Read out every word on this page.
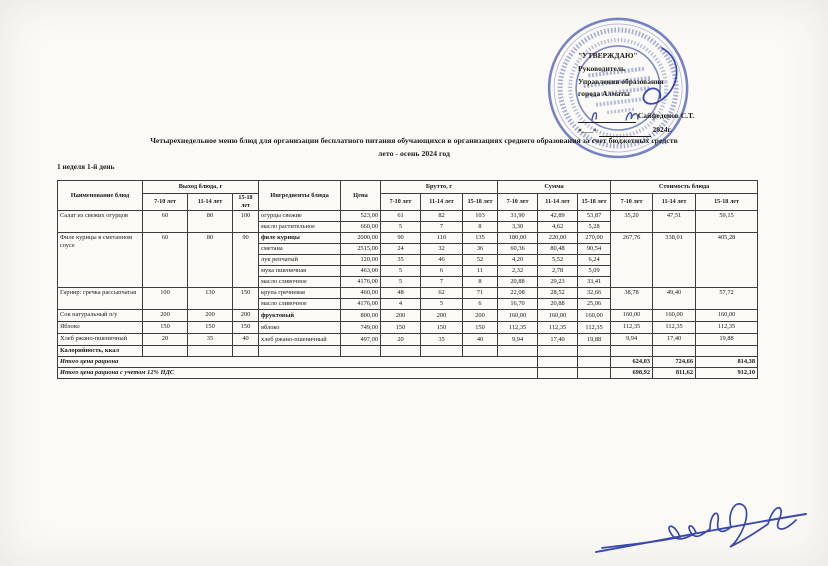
"УТВЕРЖДАЮ"
Руководитель
Управления образования
города Алматы
Сайфеденов С.Т.
«___»	2024г.
Четырехнедельное меню блюд для организации бесплатного питания обучающихся в организациях среднего образования за счет бюджетных средств
лето - осень 2024 год
1 неделя 1-й день
Наименование блюд	Выход блюда, г			Ингредиенты блюда	Цена	Брутто, г			Сумма			Стоимость блюда		
	7-10 лет	11-14 лет	15-18 лет			7-10 лет	11-14 лет	15-18 лет	7-10 лет	11-14 лет	15-18 лет	7-10 лет	11-14 лет	15-18 лет
Салат из свежих огурцов	60	80	100	огурцы свежие	523,00	61	82	103	31,90	42,89	53,87	35,20	47,51	59,15
				масло растительное	660,00	5	7	8	3,30	4,62	5,28			
Филе курицы в сметанном соусе	60	80	90	филе курицы	2000,00	90	110	135	180,00	220,00	270,00	267,76	338,01	405,28
				сметана	2515,00	24	32	36	60,36	80,48	90,54			
				лук репчатый	120,00	35	46	52	4,20	5,52	6,24			
				мука пшеничная	463,00	5	6	11	2,32	2,78	5,09			
				масло сливочное	4176,00	5	7	8	20,88	29,23	33,41			
Гарнир: гречка рассыпчатая	100	130	150	крупа гречневая	460,00	48	62	71	22,08	28,52	32,66	38,78	49,40	57,72
				масло сливочное	4176,00	4	5	6	16,70	20,88	25,06			
Сок натуральный п/у	200	200	200	фруктовый	800,00	200	200	200	160,00	160,00	160,00	160,00	160,00	160,00
Яблоко	150	150	150	яблоко	749,00	150	150	150	112,35	112,35	112,35	112,35	112,35	112,35
Хлеб ржано-пшеничный	20	35	40	хлеб ржано-пшеничный	497,00	20	35	40	9,94	17,40	19,88	9,94	17,40	19,88
Калорийность, ккал														
Итого цена рациона												624,03	724,66	814,38
Итого цена рациона с учетом 12% НДС												698,92	811,62	912,10
